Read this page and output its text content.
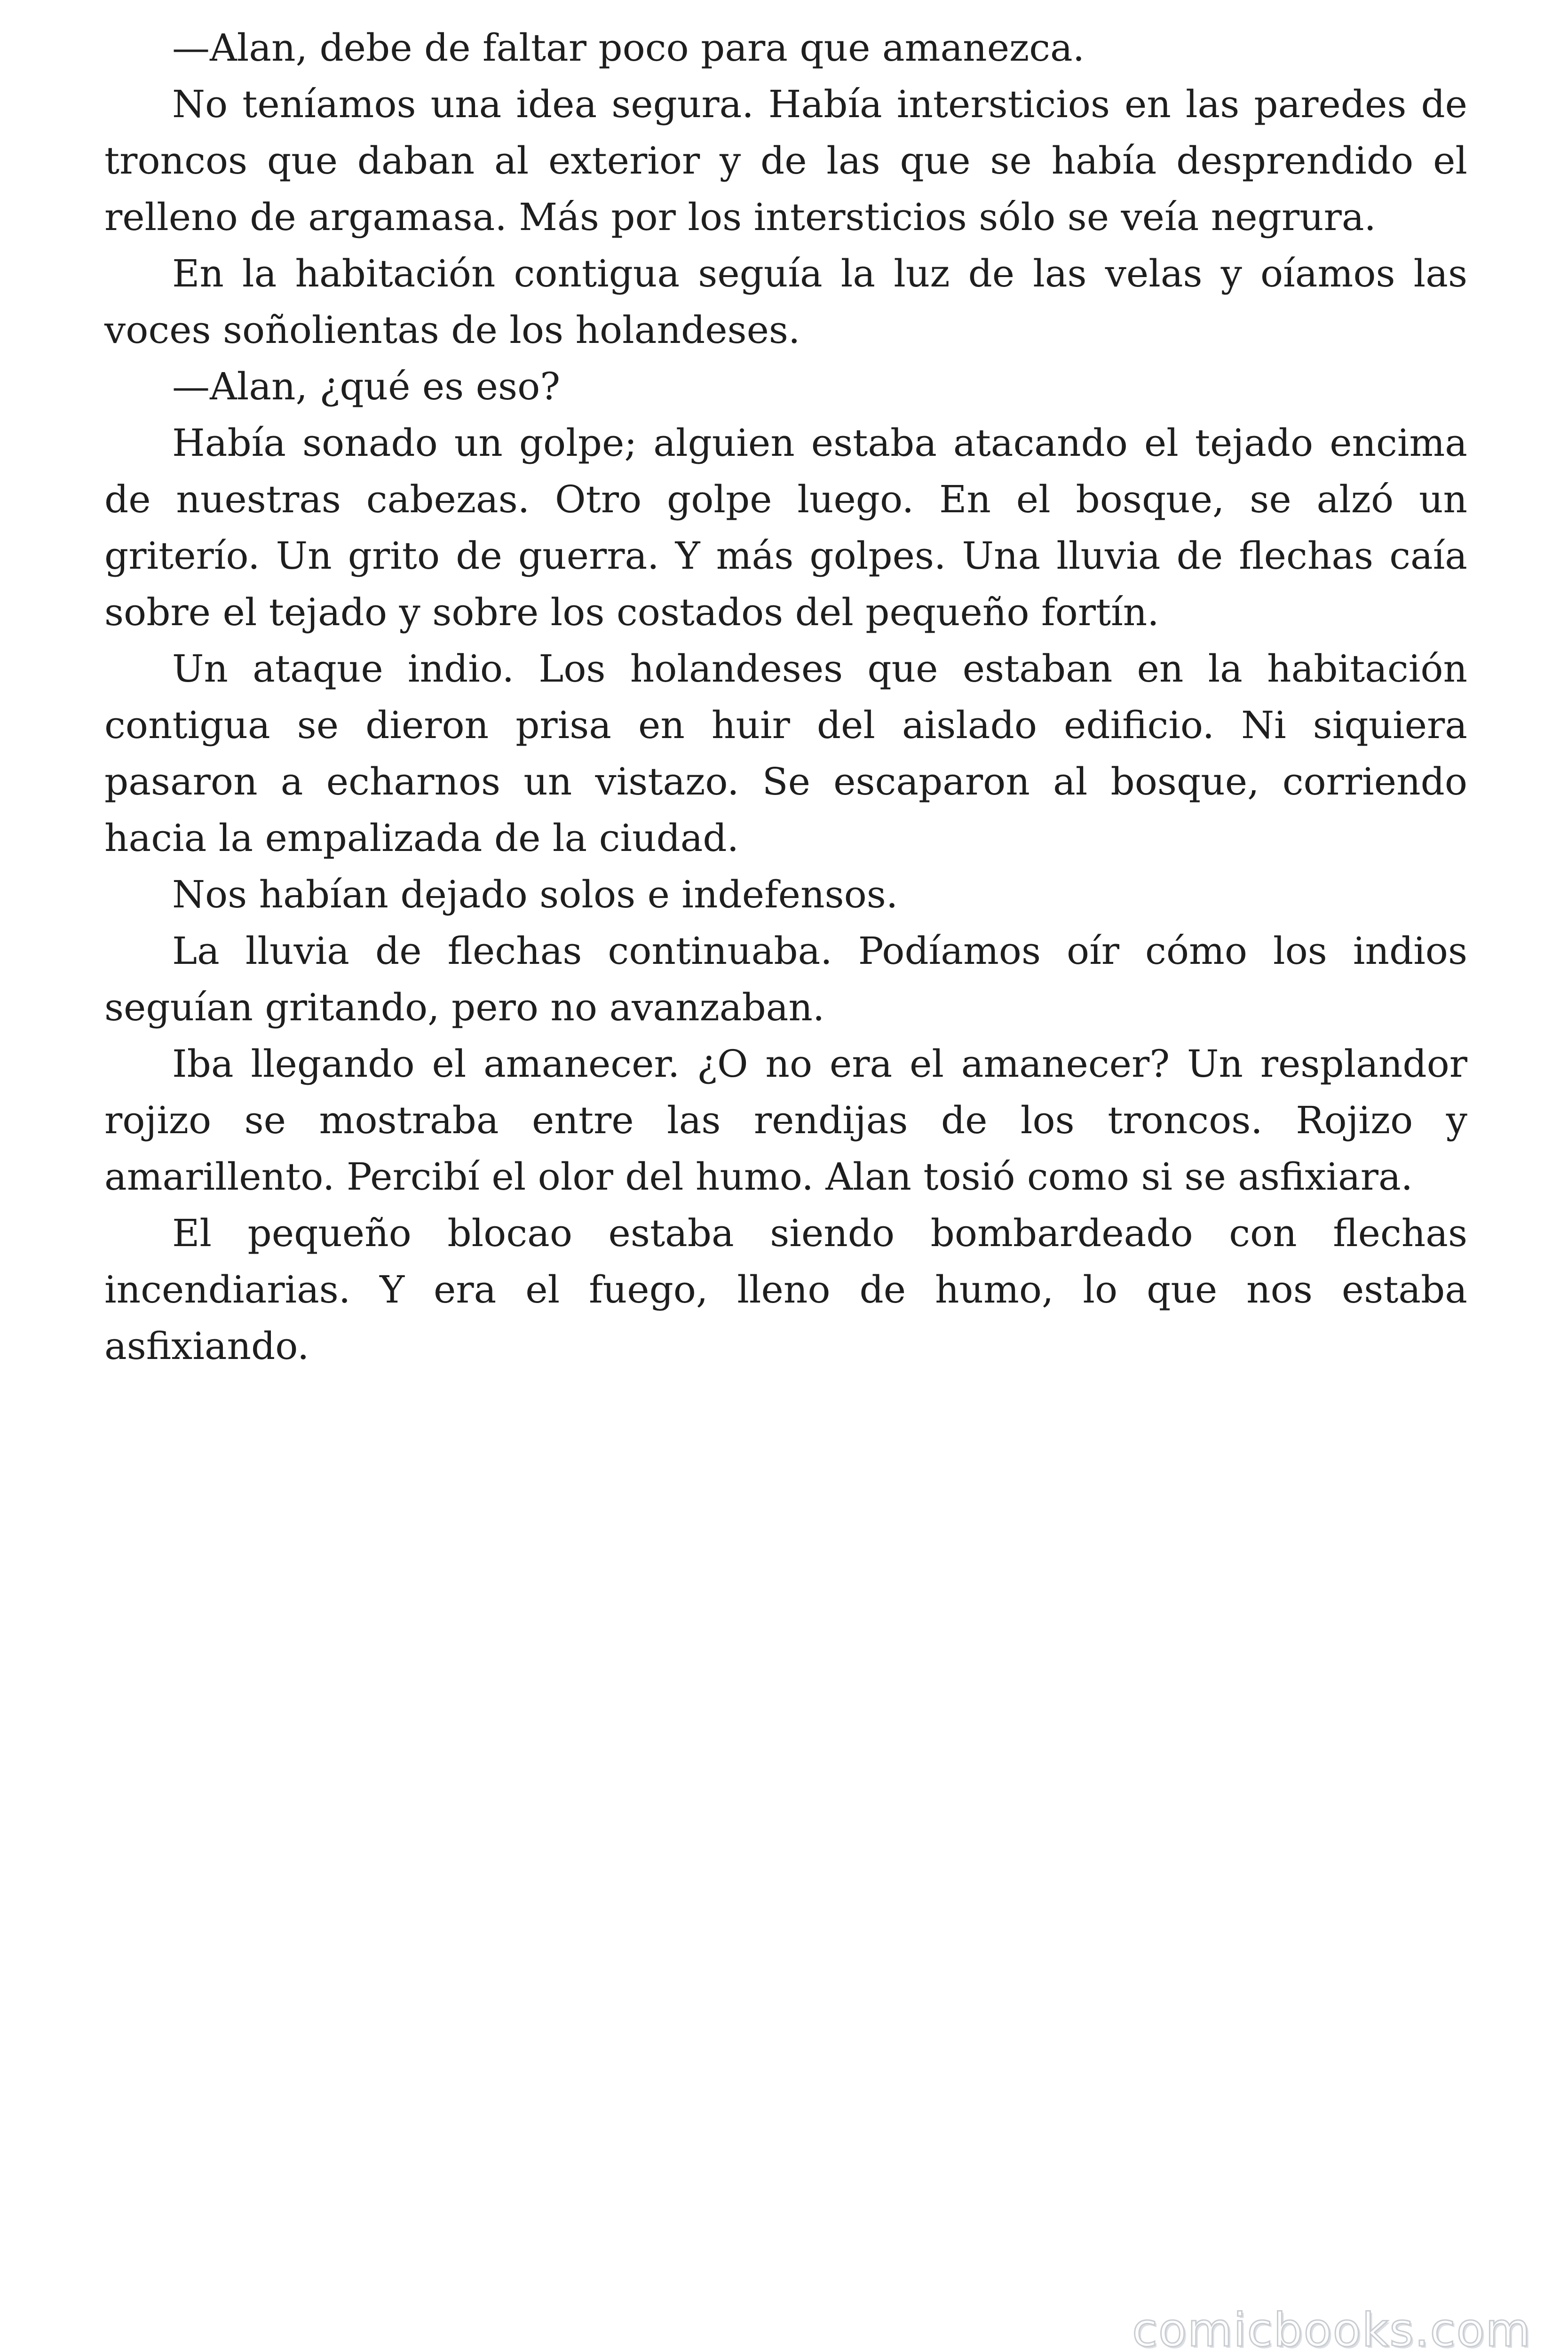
—Alan, debe de faltar poco para que amanezca.

No teníamos una idea segura. Había intersticios en las paredes de troncos que daban al exterior y de las que se había desprendido el relleno de argamasa. Más por los intersticios sólo se veía negrura.

En la habitación contigua seguía la luz de las velas y oíamos las voces soñolientas de los holandeses.

—Alan, ¿qué es eso?

Había sonado un golpe; alguien estaba atacando el tejado encima de nuestras cabezas. Otro golpe luego. En el bosque, se alzó un griterío. Un grito de guerra. Y más golpes. Una lluvia de flechas caía sobre el tejado y sobre los costados del pequeño fortín.

Un ataque indio. Los holandeses que estaban en la habitación contigua se dieron prisa en huir del aislado edificio. Ni siquiera pasaron a echarnos un vistazo. Se escaparon al bosque, corriendo hacia la empalizada de la ciudad.

Nos habían dejado solos e indefensos.

La lluvia de flechas continuaba. Podíamos oír cómo los indios seguían gritando, pero no avanzaban.

Iba llegando el amanecer. ¿O no era el amanecer? Un resplandor rojizo se mostraba entre las rendijas de los troncos. Rojizo y amarillento. Percibí el olor del humo. Alan tosió como si se asfixiara.

El pequeño blocao estaba siendo bombardeado con flechas incendiarias. Y era el fuego, lleno de humo, lo que nos estaba asfixiando.

comicbooks.com
